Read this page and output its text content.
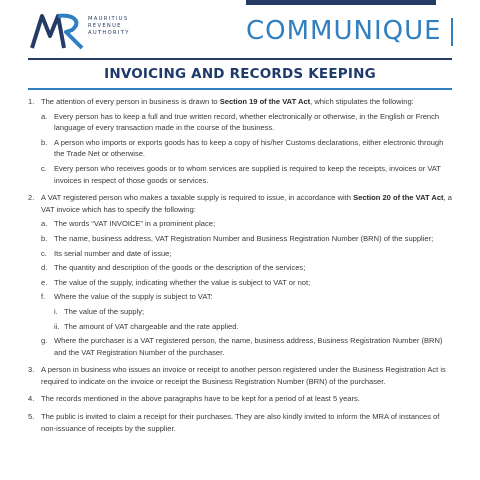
MAURITIUS
REVENUE
AUTHORITY	COMMUNIQUE
INVOICING AND RECORDS KEEPING
1. The attention of every person in business is drawn to Section 19 of the VAT Act, which stipulates the following:
a. Every person has to keep a full and true written record, whether electronically or otherwise, in the English or French language of every transaction made in the course of the business.
b. A person who imports or exports goods has to keep a copy of his/her Customs declarations, either electronic through the Trade Net or otherwise.
c. Every person who receives goods or to whom services are supplied is required to keep the receipts, invoices or VAT invoices in respect of those goods or services.
2. A VAT registered person who makes a taxable supply is required to issue, in accordance with Section 20 of the VAT Act, a VAT invoice which has to specify the following:
a. The words “VAT INVOICE” in a prominent place;
b. The name, business address, VAT Registration Number and Business Registration Number (BRN) of the supplier;
c. Its serial number and date of issue;
d. The quantity and description of the goods or the description of the services;
e. The value of the supply, indicating whether the value is subject to VAT or not;
f. Where the value of the supply is subject to VAT:
i. The value of the supply;
ii. The amount of VAT chargeable and the rate applied.
g. Where the purchaser is a VAT registered person, the name, business address, Business Registration Number (BRN) and the VAT Registration Number of the purchaser.
3. A person in business who issues an invoice or receipt to another person registered under the Business Registration Act is required to indicate on the invoice or receipt the Business Registration Number (BRN) of the purchaser.
4. The records mentioned in the above paragraphs have to be kept for a period of at least 5 years.
5. The public is invited to claim a receipt for their purchases. They are also kindly invited to inform the MRA of instances of non-issuance of receipts by the supplier.
